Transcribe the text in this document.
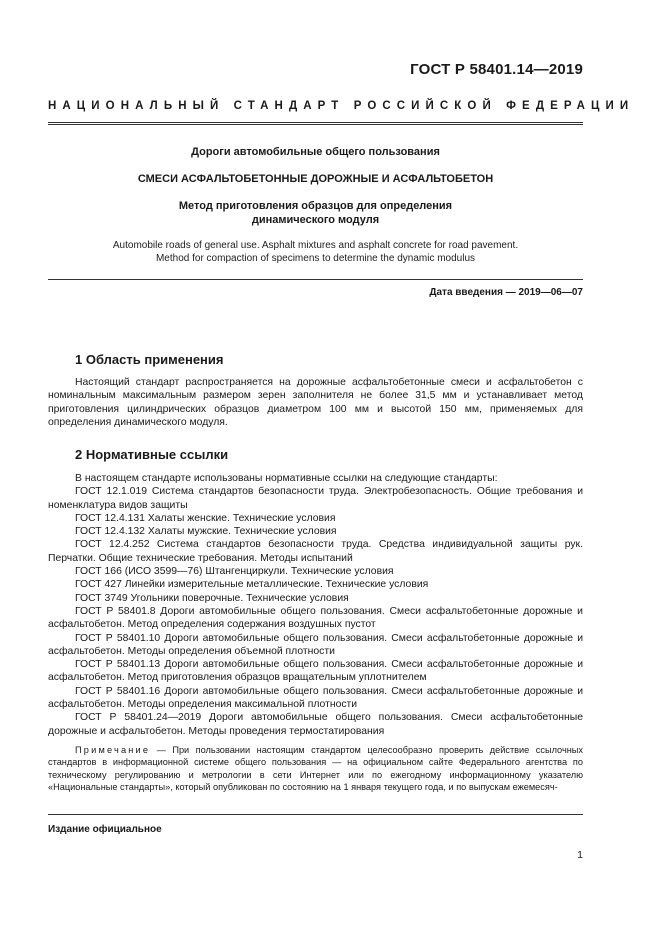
ГОСТ Р 58401.14—2019
НАЦИОНАЛЬНЫЙ СТАНДАРТ РОССИЙСКОЙ ФЕДЕРАЦИИ
Дороги автомобильные общего пользования
СМЕСИ АСФАЛЬТОБЕТОННЫЕ ДОРОЖНЫЕ И АСФАЛЬТОБЕТОН
Метод приготовления образцов для определения
динамического модуля
Automobile roads of general use. Asphalt mixtures and asphalt concrete for road pavement.
Method for compaction of specimens to determine the dynamic modulus
Дата введения — 2019—06—07
1 Область применения

Настоящий стандарт распространяется на дорожные асфальтобетонные смеси и асфальтобетон с номинальным максимальным размером зерен заполнителя не более 31,5 мм и устанавливает метод приготовления цилиндрических образцов диаметром 100 мм и высотой 150 мм, применяемых для определения динамического модуля.

2 Нормативные ссылки

В настоящем стандарте использованы нормативные ссылки на следующие стандарты:

ГОСТ 12.1.019 Система стандартов безопасности труда. Электробезопасность. Общие требования и номенклатура видов защиты

ГОСТ 12.4.131 Халаты женские. Технические условия

ГОСТ 12.4.132 Халаты мужские. Технические условия

ГОСТ 12.4.252 Система стандартов безопасности труда. Средства индивидуальной защиты рук. Перчатки. Общие технические требования. Методы испытаний

ГОСТ 166 (ИСО 3599—76) Штангенциркули. Технические условия

ГОСТ 427 Линейки измерительные металлические. Технические условия

ГОСТ 3749 Угольники поверочные. Технические условия

ГОСТ Р 58401.8 Дороги автомобильные общего пользования. Смеси асфальтобетонные дорожные и асфальтобетон. Метод определения содержания воздушных пустот

ГОСТ Р 58401.10 Дороги автомобильные общего пользования. Смеси асфальтобетонные дорожные и асфальтобетон. Методы определения объемной плотности

ГОСТ Р 58401.13 Дороги автомобильные общего пользования. Смеси асфальтобетонные дорожные и асфальтобетон. Метод приготовления образцов вращательным уплотнителем

ГОСТ Р 58401.16 Дороги автомобильные общего пользования. Смеси асфальтобетонные дорожные и асфальтобетон. Методы определения максимальной плотности

ГОСТ Р 58401.24—2019 Дороги автомобильные общего пользования. Смеси асфальтобетонные дорожные и асфальтобетон. Методы проведения термостатирования

Примечание — При пользовании настоящим стандартом целесообразно проверить действие ссылочных стандартов в информационной системе общего пользования — на официальном сайте Федерального агентства по техническому регулированию и метрологии в сети Интернет или по ежегодному информационному указателю «Национальные стандарты», который опубликован по состоянию на 1 января текущего года, и по выпускам ежемесяч-
Издание официальное
1
